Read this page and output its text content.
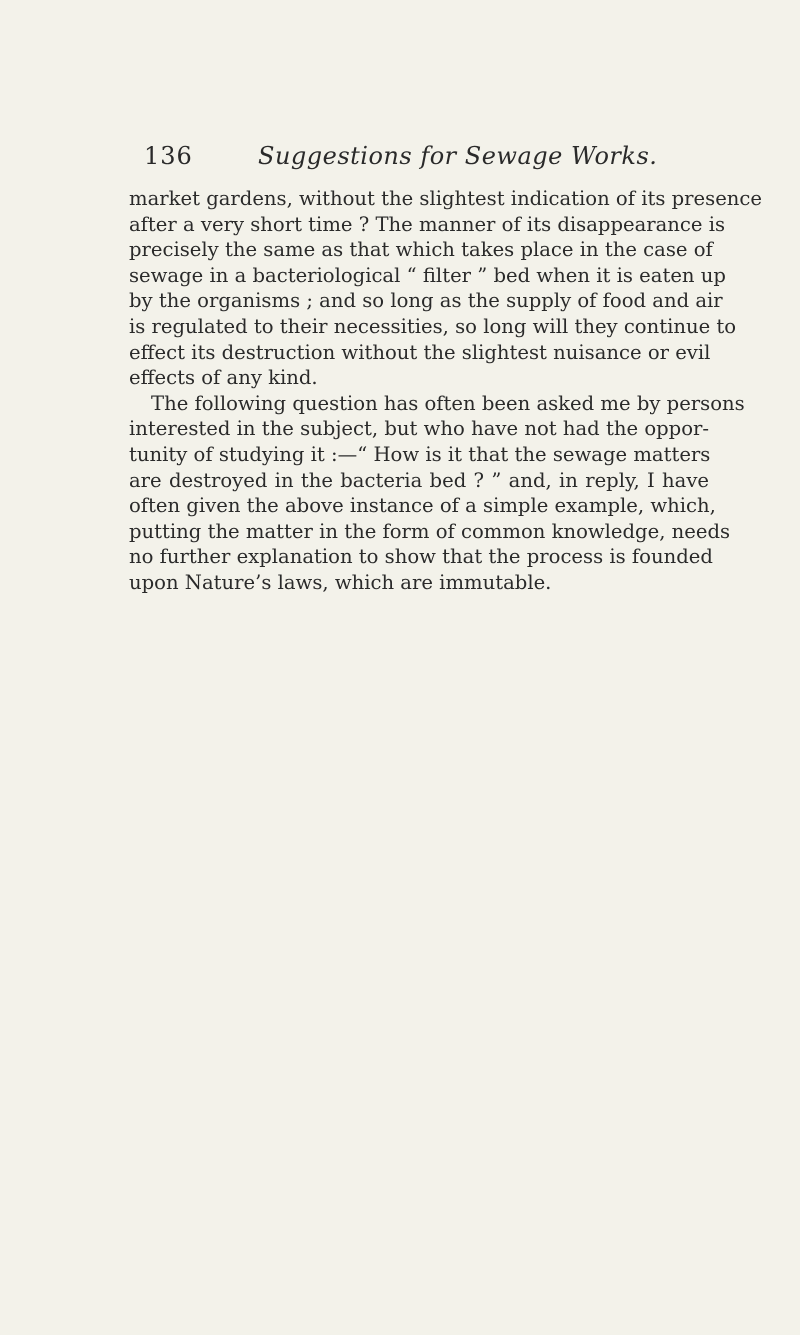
136	Suggestions for Sewage Works.
market gardens, without the slightest indication of its presence
after a very short time ? The manner of its disappearance is
precisely the same as that which takes place in the case of
sewage in a bacteriological “ filter ” bed when it is eaten up
by the organisms ; and so long as the supply of food and air
is regulated to their necessities, so long will they continue to
effect its destruction without the slightest nuisance or evil
effects of any kind.
The following question has often been asked me by persons
interested in the subject, but who have not had the oppor-
tunity of studying it :—“ How is it that the sewage matters
are destroyed in the bacteria bed ? ” and, in reply, I have
often given the above instance of a simple example, which,
putting the matter in the form of common knowledge, needs
no further explanation to show that the process is founded
upon Nature’s laws, which are immutable.
